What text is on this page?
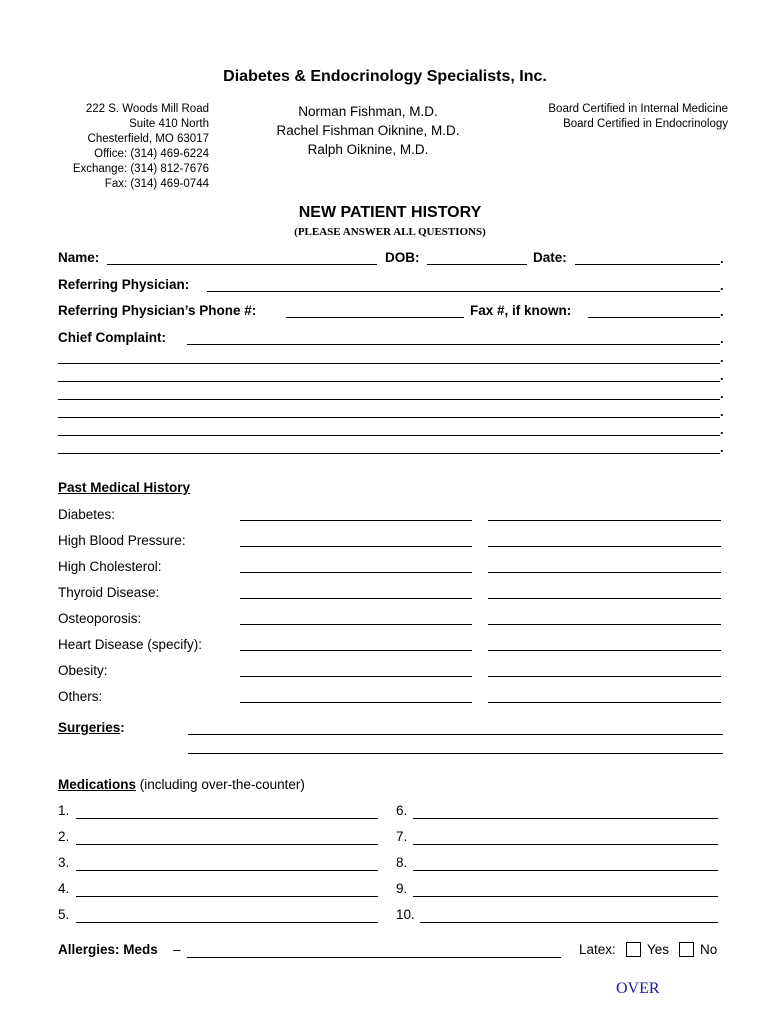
Diabetes & Endocrinology Specialists, Inc.
222 S. Woods Mill Road
Suite 410 North
Chesterfield, MO 63017
Office: (314) 469-6224
Exchange: (314) 812-7676
Fax: (314) 469-0744
Norman Fishman, M.D.
Rachel Fishman Oiknine, M.D.
Ralph Oiknine, M.D.
Board Certified in Internal Medicine
Board Certified in Endocrinology
NEW PATIENT HISTORY
(PLEASE ANSWER ALL QUESTIONS)
Name:	DOB:	Date:	.
Referring Physician:	.
Referring Physician’s Phone #:	Fax #, if known:	.
Chief Complaint:	.
.
.
.
.
.
.
Past Medical History
Diabetes:
High Blood Pressure:
High Cholesterol:
Thyroid Disease:
Osteoporosis:
Heart Disease (specify):
Obesity:
Others:
Surgeries:
Medications (including over-the-counter)
1.	6.
2.	7.
3.	8.
4.	9.
5.	10.
Allergies: Meds –	Latex: Yes No
OVER
